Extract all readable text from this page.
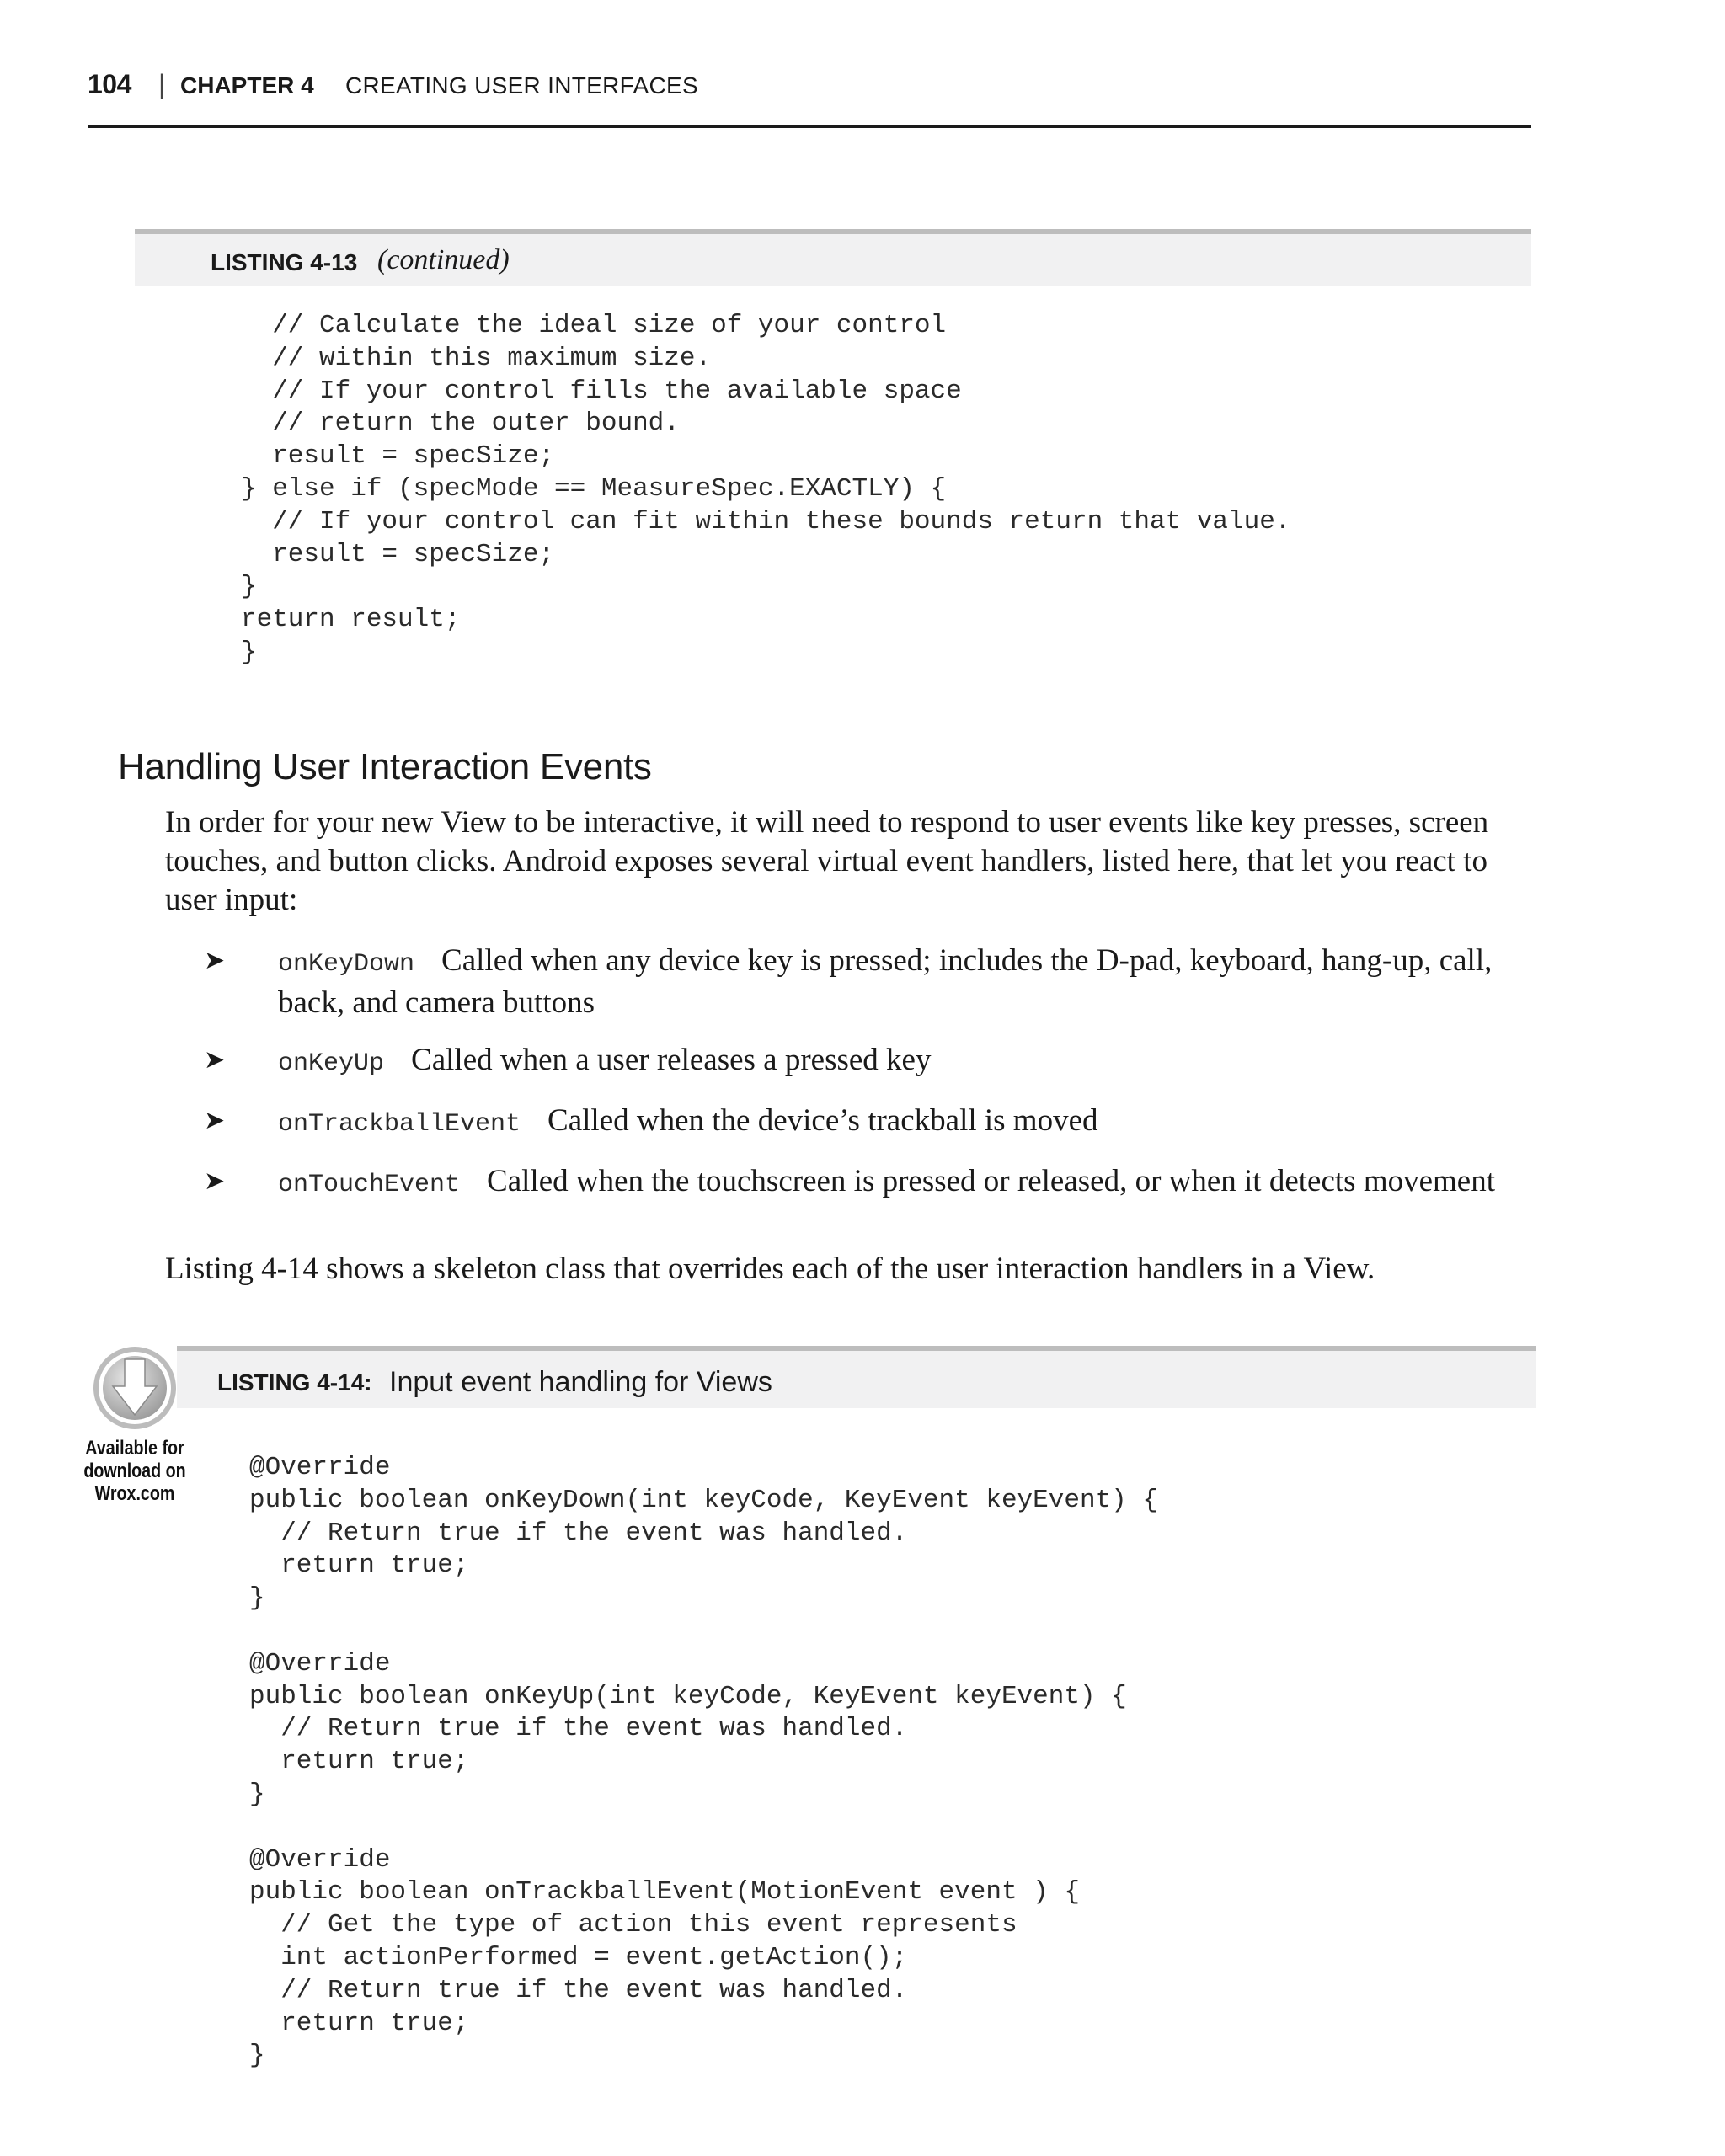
104 | CHAPTER 4 CREATING USER INTERFACES
LISTING 4-13 (continued)
// Calculate the ideal size of your control
// within this maximum size.
// If your control fills the available space
// return the outer bound.
result = specSize;
} else if (specMode == MeasureSpec.EXACTLY) {
// If your control can fit within these bounds return that value.
result = specSize;
}
return result;
}
Handling User Interaction Events
In order for your new View to be interactive, it will need to respond to user events like key presses, screen touches, and button clicks. Android exposes several virtual event handlers, listed here, that let you react to user input:
➤ onKeyDown Called when any device key is pressed; includes the D-pad, keyboard, hang-up, call, back, and camera buttons
➤ onKeyUp Called when a user releases a pressed key
➤ onTrackballEvent Called when the device’s trackball is moved
➤ onTouchEvent Called when the touchscreen is pressed or released, or when it detects movement
Listing 4-14 shows a skeleton class that overrides each of the user interaction handlers in a View.
Available for
download on
Wrox.com
LISTING 4-14: Input event handling for Views
@Override
public boolean onKeyDown(int keyCode, KeyEvent keyEvent) {
// Return true if the event was handled.
return true;
}

@Override
public boolean onKeyUp(int keyCode, KeyEvent keyEvent) {
// Return true if the event was handled.
return true;
}

@Override
public boolean onTrackballEvent(MotionEvent event ) {
// Get the type of action this event represents
int actionPerformed = event.getAction();
// Return true if the event was handled.
return true;
}
